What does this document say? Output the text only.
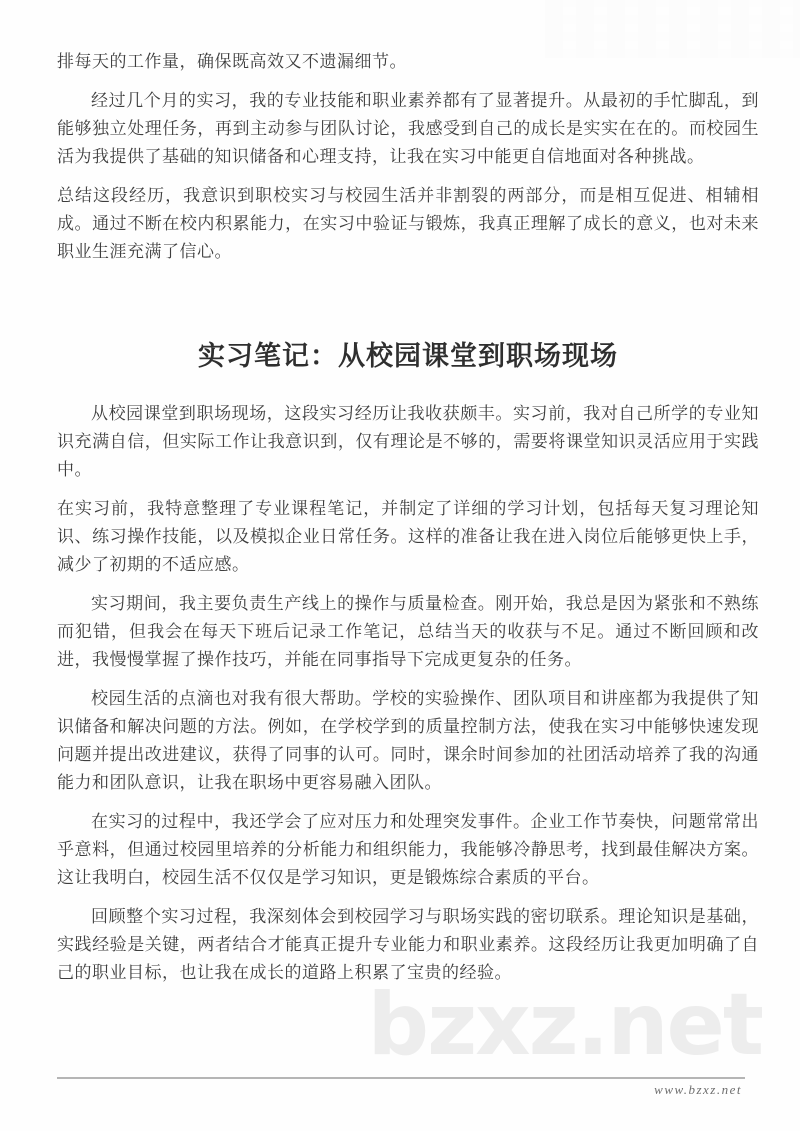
bzxz.net

排每天的工作量，确保既高效又不遗漏细节。

经过几个月的实习，我的专业技能和职业素养都有了显著提升。从最初的手忙脚乱，到能够独立处理任务，再到主动参与团队讨论，我感受到自己的成长是实实在在的。而校园生活为我提供了基础的知识储备和心理支持，让我在实习中能更自信地面对各种挑战。

总结这段经历，我意识到职校实习与校园生活并非割裂的两部分，而是相互促进、相辅相成。通过不断在校内积累能力，在实习中验证与锻炼，我真正理解了成长的意义，也对未来职业生涯充满了信心。

实习笔记：从校园课堂到职场现场

从校园课堂到职场现场，这段实习经历让我收获颇丰。实习前，我对自己所学的专业知识充满自信，但实际工作让我意识到，仅有理论是不够的，需要将课堂知识灵活应用于实践中。

在实习前，我特意整理了专业课程笔记，并制定了详细的学习计划，包括每天复习理论知识、练习操作技能，以及模拟企业日常任务。这样的准备让我在进入岗位后能够更快上手，减少了初期的不适应感。

实习期间，我主要负责生产线上的操作与质量检查。刚开始，我总是因为紧张和不熟练而犯错，但我会在每天下班后记录工作笔记，总结当天的收获与不足。通过不断回顾和改进，我慢慢掌握了操作技巧，并能在同事指导下完成更复杂的任务。

校园生活的点滴也对我有很大帮助。学校的实验操作、团队项目和讲座都为我提供了知识储备和解决问题的方法。例如，在学校学到的质量控制方法，使我在实习中能够快速发现问题并提出改进建议，获得了同事的认可。同时，课余时间参加的社团活动培养了我的沟通能力和团队意识，让我在职场中更容易融入团队。

在实习的过程中，我还学会了应对压力和处理突发事件。企业工作节奏快，问题常常出乎意料，但通过校园里培养的分析能力和组织能力，我能够冷静思考，找到最佳解决方案。这让我明白，校园生活不仅仅是学习知识，更是锻炼综合素质的平台。

回顾整个实习过程，我深刻体会到校园学习与职场实践的密切联系。理论知识是基础，实践经验是关键，两者结合才能真正提升专业能力和职业素养。这段经历让我更加明确了自己的职业目标，也让我在成长的道路上积累了宝贵的经验。

www.bzxz.net
